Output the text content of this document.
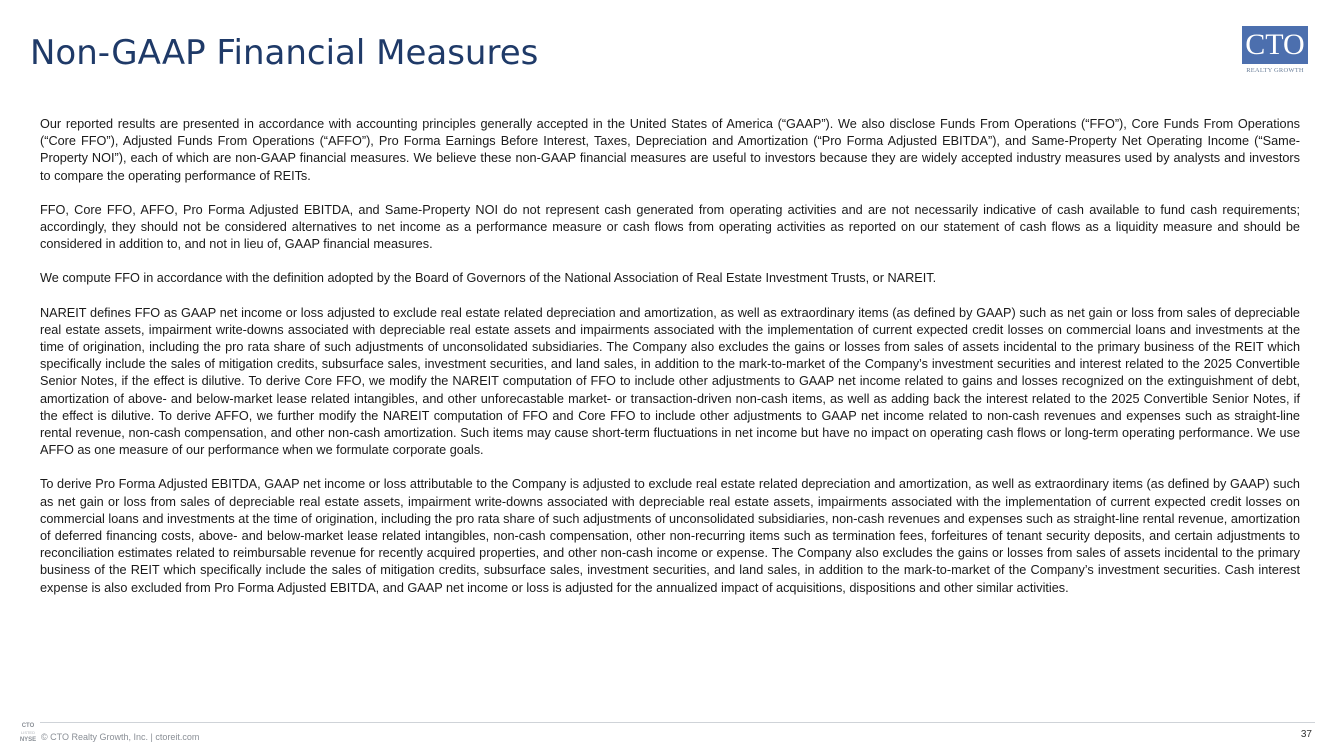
Non-GAAP Financial Measures	CTO
REALTY GROWTH

Our reported results are presented in accordance with accounting principles generally accepted in the United States of America (“GAAP”). We also disclose Funds From Operations (“FFO”), Core Funds From Operations (“Core FFO”), Adjusted Funds From Operations (“AFFO”), Pro Forma Earnings Before Interest, Taxes, Depreciation and Amortization (“Pro Forma Adjusted EBITDA”), and Same-Property Net Operating Income (“Same-Property NOI”), each of which are non-GAAP financial measures. We believe these non-GAAP financial measures are useful to investors because they are widely accepted industry measures used by analysts and investors to compare the operating performance of REITs.

FFO, Core FFO, AFFO, Pro Forma Adjusted EBITDA, and Same-Property NOI do not represent cash generated from operating activities and are not necessarily indicative of cash available to fund cash requirements; accordingly, they should not be considered alternatives to net income as a performance measure or cash flows from operating activities as reported on our statement of cash flows as a liquidity measure and should be considered in addition to, and not in lieu of, GAAP financial measures.

We compute FFO in accordance with the definition adopted by the Board of Governors of the National Association of Real Estate Investment Trusts, or NAREIT.

NAREIT defines FFO as GAAP net income or loss adjusted to exclude real estate related depreciation and amortization, as well as extraordinary items (as defined by GAAP) such as net gain or loss from sales of depreciable real estate assets, impairment write-downs associated with depreciable real estate assets and impairments associated with the implementation of current expected credit losses on commercial loans and investments at the time of origination, including the pro rata share of such adjustments of unconsolidated subsidiaries. The Company also excludes the gains or losses from sales of assets incidental to the primary business of the REIT which specifically include the sales of mitigation credits, subsurface sales, investment securities, and land sales, in addition to the mark-to-market of the Company’s investment securities and interest related to the 2025 Convertible Senior Notes, if the effect is dilutive. To derive Core FFO, we modify the NAREIT computation of FFO to include other adjustments to GAAP net income related to gains and losses recognized on the extinguishment of debt, amortization of above- and below-market lease related intangibles, and other unforecastable market- or transaction-driven non-cash items, as well as adding back the interest related to the 2025 Convertible Senior Notes, if the effect is dilutive. To derive AFFO, we further modify the NAREIT computation of FFO and Core FFO to include other adjustments to GAAP net income related to non-cash revenues and expenses such as straight-line rental revenue, non-cash compensation, and other non-cash amortization. Such items may cause short-term fluctuations in net income but have no impact on operating cash flows or long-term operating performance. We use AFFO as one measure of our performance when we formulate corporate goals.

To derive Pro Forma Adjusted EBITDA, GAAP net income or loss attributable to the Company is adjusted to exclude real estate related depreciation and amortization, as well as extraordinary items (as defined by GAAP) such as net gain or loss from sales of depreciable real estate assets, impairment write-downs associated with depreciable real estate assets, impairments associated with the implementation of current expected credit losses on commercial loans and investments at the time of origination, including the pro rata share of such adjustments of unconsolidated subsidiaries, non-cash revenues and expenses such as straight-line rental revenue, amortization of deferred financing costs, above- and below-market lease related intangibles, non-cash compensation, other non-recurring items such as termination fees, forfeitures of tenant security deposits, and certain adjustments to reconciliation estimates related to reimbursable revenue for recently acquired properties, and other non-cash income or expense. The Company also excludes the gains or losses from sales of assets incidental to the primary business of the REIT which specifically include the sales of mitigation credits, subsurface sales, investment securities, and land sales, in addition to the mark-to-market of the Company’s investment securities. Cash interest expense is also excluded from Pro Forma Adjusted EBITDA, and GAAP net income or loss is adjusted for the annualized impact of acquisitions, dispositions and other similar activities.

CTO
LISTED
NYSE © CTO Realty Growth, Inc. | ctoreit.com	37
